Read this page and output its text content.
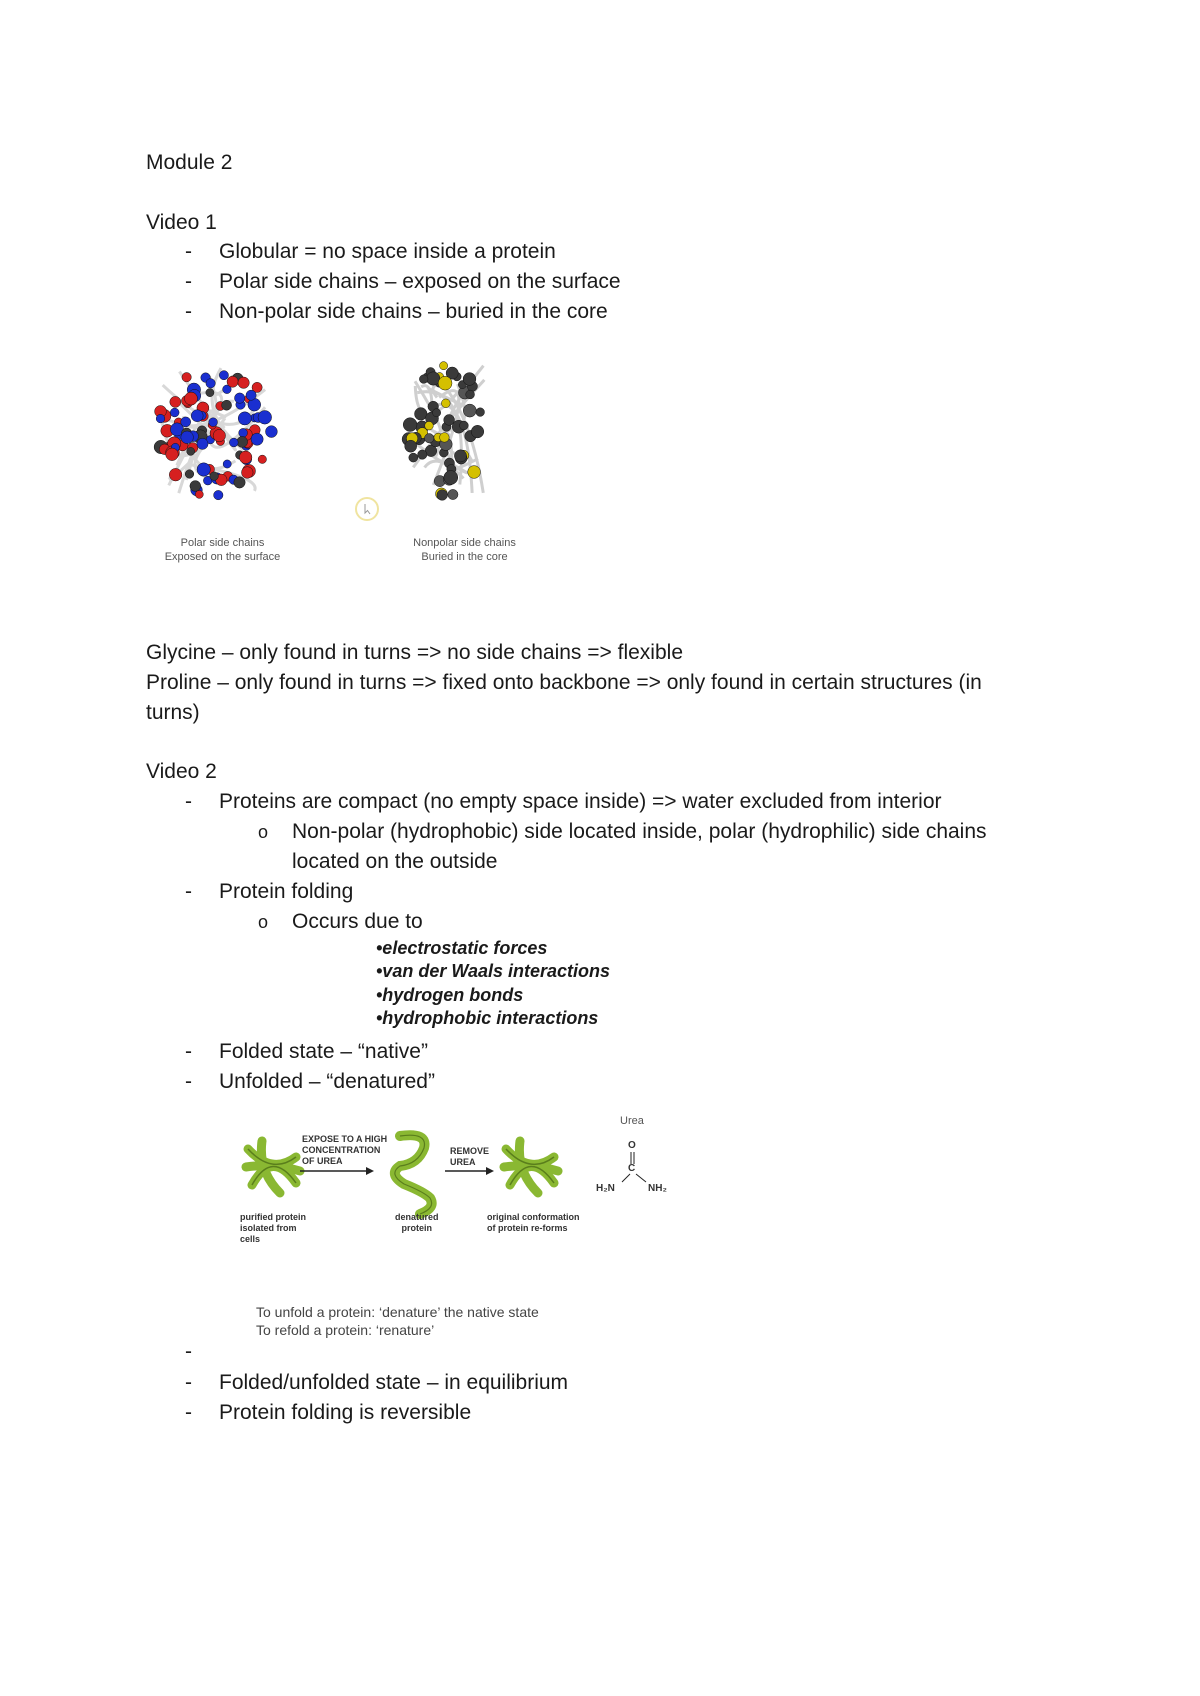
Module 2
Video 1
- Globular = no space inside a protein
- Polar side chains – exposed on the surface
- Non-polar side chains – buried in the core
Polar side chains
Exposed on the surface
Nonpolar side chains
Buried in the core
Glycine – only found in turns => no side chains => flexible
Proline – only found in turns => fixed onto backbone => only found in certain structures (in
turns)
Video 2
- Proteins are compact (no empty space inside) => water excluded from interior
o Non-polar (hydrophobic) side located inside, polar (hydrophilic) side chains
located on the outside
- Protein folding
o Occurs due to
•electrostatic forces
•van der Waals interactions
•hydrogen bonds
•hydrophobic interactions
- Folded state – “native”
- Unfolded – “denatured”
EXPOSE TO A HIGH
CONCENTRATION
OF UREA
REMOVE
UREA
purified protein
isolated from
cells
denatured
protein
original conformation
of protein re-forms
Urea
O
C
H₂N	NH₂
To unfold a protein: ‘denature’ the native state
To refold a protein: ‘renature’
-
- Folded/unfolded state – in equilibrium
- Protein folding is reversible
